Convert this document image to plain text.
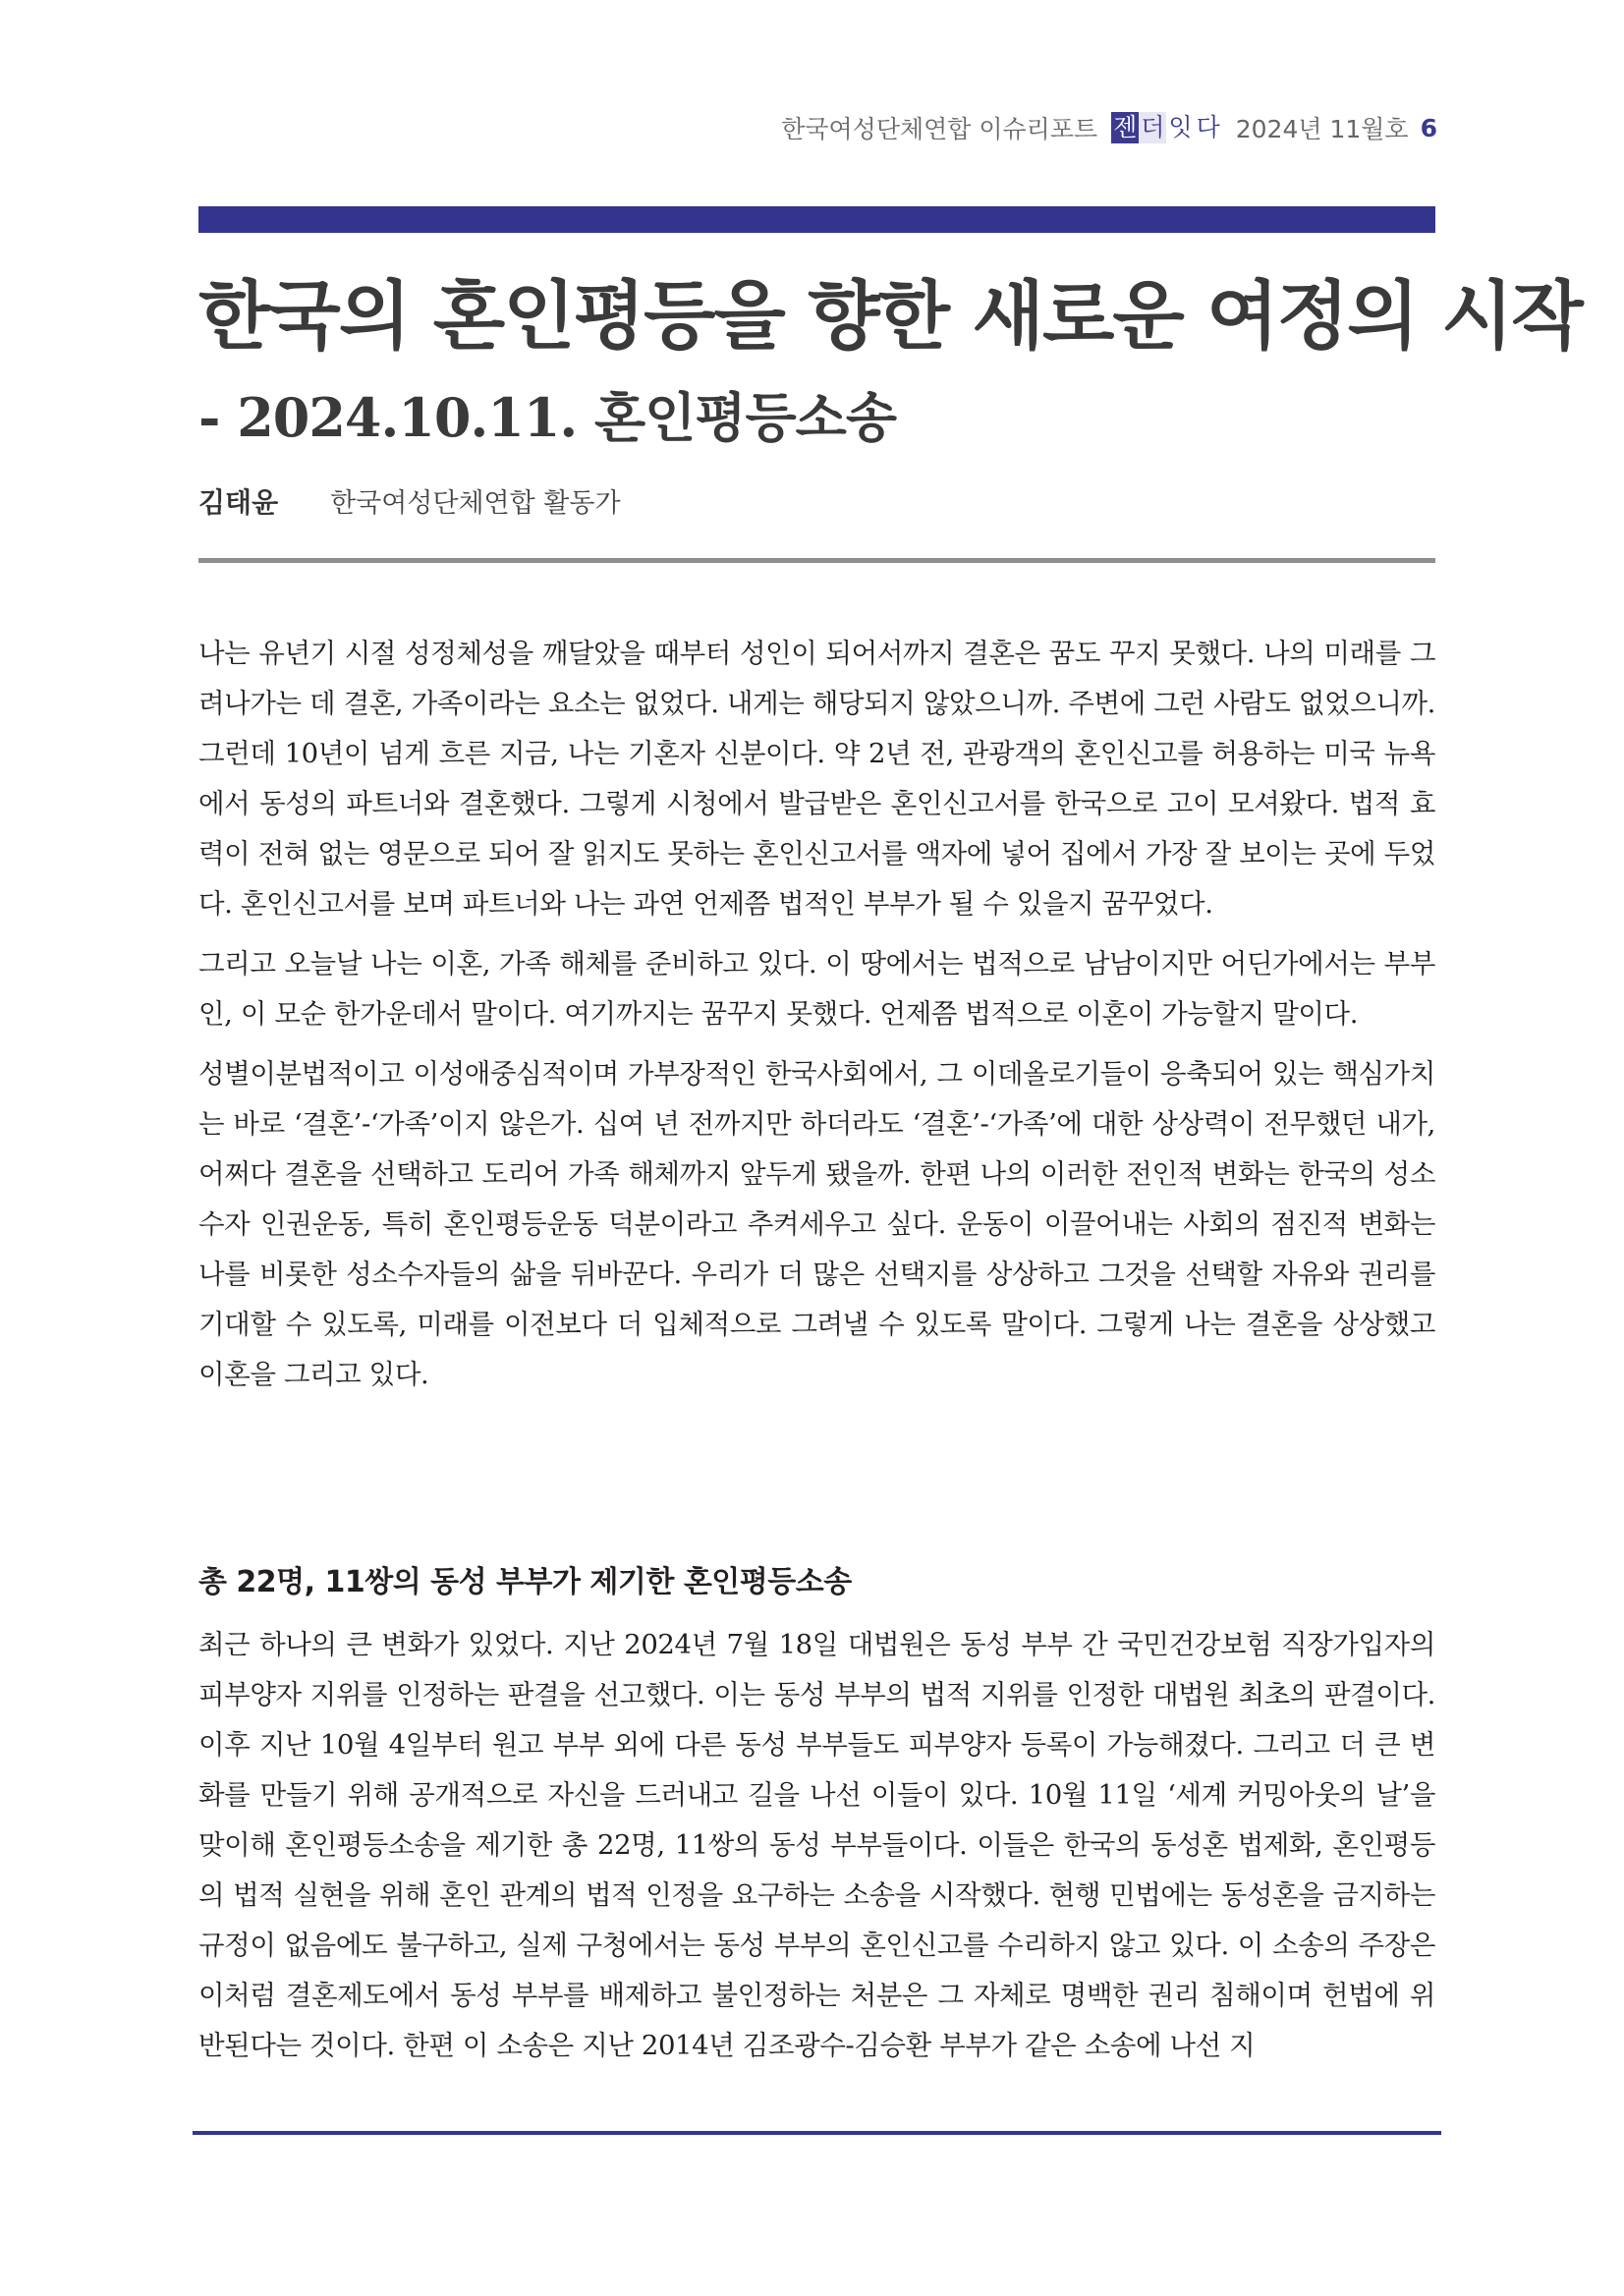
한국여성단체연합 이슈리포트 젠 더 잇 다 2024년 11월호 6
한국의 혼인평등을 향한 새로운 여정의 시작
- 2024.10.11. 혼인평등소송
김태윤 한국여성단체연합 활동가

나는 유년기 시절 성정체성을 깨달았을 때부터 성인이 되어서까지 결혼은 꿈도 꾸지 못했다. 나의 미래를 그려나가는 데 결혼, 가족이라는 요소는 없었다. 내게는 해당되지 않았으니까. 주변에 그런 사람도 없었으니까. 그런데 10년이 넘게 흐른 지금, 나는 기혼자 신분이다. 약 2년 전, 관광객의 혼인신고를 허용하는 미국 뉴욕에서 동성의 파트너와 결혼했다. 그렇게 시청에서 발급받은 혼인신고서를 한국으로 고이 모셔왔다. 법적 효력이 전혀 없는 영문으로 되어 잘 읽지도 못하는 혼인신고서를 액자에 넣어 집에서 가장 잘 보이는 곳에 두었다. 혼인신고서를 보며 파트너와 나는 과연 언제쯤 법적인 부부가 될 수 있을지 꿈꾸었다.

그리고 오늘날 나는 이혼, 가족 해체를 준비하고 있다. 이 땅에서는 법적으로 남남이지만 어딘가에서는 부부인, 이 모순 한가운데서 말이다. 여기까지는 꿈꾸지 못했다. 언제쯤 법적으로 이혼이 가능할지 말이다.

성별이분법적이고 이성애중심적이며 가부장적인 한국사회에서, 그 이데올로기들이 응축되어 있는 핵심가치는 바로 ‘결혼’-‘가족’이지 않은가. 십여 년 전까지만 하더라도 ‘결혼’-‘가족’에 대한 상상력이 전무했던 내가, 어쩌다 결혼을 선택하고 도리어 가족 해체까지 앞두게 됐을까. 한편 나의 이러한 전인적 변화는 한국의 성소수자 인권운동, 특히 혼인평등운동 덕분이라고 추켜세우고 싶다. 운동이 이끌어내는 사회의 점진적 변화는 나를 비롯한 성소수자들의 삶을 뒤바꾼다. 우리가 더 많은 선택지를 상상하고 그것을 선택할 자유와 권리를 기대할 수 있도록, 미래를 이전보다 더 입체적으로 그려낼 수 있도록 말이다. 그렇게 나는 결혼을 상상했고 이혼을 그리고 있다.

총 22명, 11쌍의 동성 부부가 제기한 혼인평등소송

최근 하나의 큰 변화가 있었다. 지난 2024년 7월 18일 대법원은 동성 부부 간 국민건강보험 직장가입자의 피부양자 지위를 인정하는 판결을 선고했다. 이는 동성 부부의 법적 지위를 인정한 대법원 최초의 판결이다. 이후 지난 10월 4일부터 원고 부부 외에 다른 동성 부부들도 피부양자 등록이 가능해졌다. 그리고 더 큰 변화를 만들기 위해 공개적으로 자신을 드러내고 길을 나선 이들이 있다. 10월 11일 ‘세계 커밍아웃의 날’을 맞이해 혼인평등소송을 제기한 총 22명, 11쌍의 동성 부부들이다. 이들은 한국의 동성혼 법제화, 혼인평등의 법적 실현을 위해 혼인 관계의 법적 인정을 요구하는 소송을 시작했다. 현행 민법에는 동성혼을 금지하는 규정이 없음에도 불구하고, 실제 구청에서는 동성 부부의 혼인신고를 수리하지 않고 있다. 이 소송의 주장은 이처럼 결혼제도에서 동성 부부를 배제하고 불인정하는 처분은 그 자체로 명백한 권리 침해이며 헌법에 위반된다는 것이다. 한편 이 소송은 지난 2014년 김조광수-김승환 부부가 같은 소송에 나선 지
